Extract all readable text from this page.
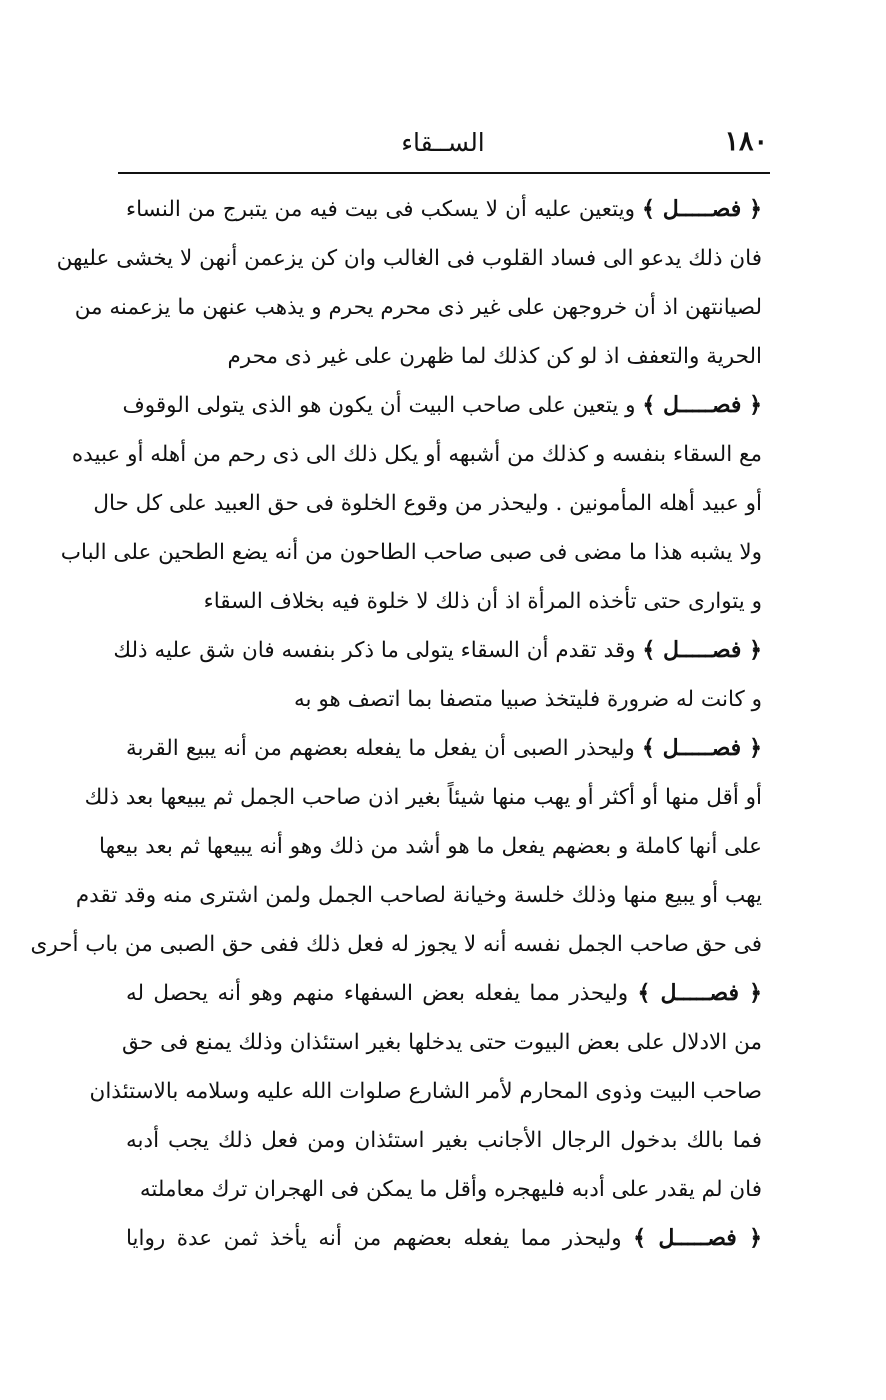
١٨٠
الســقاء
﴿ فصـــــل ﴾ ويتعين عليه أن لا يسكب فى بيت فيه من يتبرج من النساء
فان ذلك يدعو الى فساد القلوب فى الغالب وان كن يزعمن أنهن لا يخشى عليهن
لصيانتهن اذ أن خروجهن على غير ذى محرم يحرم و يذهب عنهن ما يزعمنه من
الحرية والتعفف اذ لو كن كذلك لما ظهرن على غير ذى محرم
﴿ فصـــــل ﴾ و يتعين على صاحب البيت أن يكون هو الذى يتولى الوقوف
مع السقاء بنفسه و كذلك من أشبهه أو يكل ذلك الى ذى رحم من أهله أو عبيده
أو عبيد أهله المأمونين . وليحذر من وقوع الخلوة فى حق العبيد على كل حال
ولا يشبه هذا ما مضى فى صبى صاحب الطاحون من أنه يضع الطحين على الباب
و يتوارى حتى تأخذه المرأة اذ أن ذلك لا خلوة فيه بخلاف السقاء
﴿ فصـــــل ﴾ وقد تقدم أن السقاء يتولى ما ذكر بنفسه فان شق عليه ذلك
و كانت له ضرورة فليتخذ صبيا متصفا بما اتصف هو به
﴿ فصـــــل ﴾ وليحذر الصبى أن يفعل ما يفعله بعضهم من أنه يبيع القربة
أو أقل منها أو أكثر أو يهب منها شيئاً بغير اذن صاحب الجمل ثم يبيعها بعد ذلك
على أنها كاملة و بعضهم يفعل ما هو أشد من ذلك وهو أنه يبيعها ثم بعد بيعها
يهب أو يبيع منها وذلك خلسة وخيانة لصاحب الجمل ولمن اشترى منه وقد تقدم
فى حق صاحب الجمل نفسه أنه لا يجوز له فعل ذلك ففى حق الصبى من باب أحرى
﴿ فصـــــل ﴾ وليحذر مما يفعله بعض السفهاء منهم وهو أنه يحصل له
من الادلال على بعض البيوت حتى يدخلها بغير استئذان وذلك يمنع فى حق
صاحب البيت وذوى المحارم لأمر الشارع صلوات الله عليه وسلامه بالاستئذان
فما بالك بدخول الرجال الأجانب بغير استئذان ومن فعل ذلك يجب أدبه
فان لم يقدر على أدبه فليهجره وأقل ما يمكن فى الهجران ترك معاملته
﴿ فصـــــل ﴾ وليحذر مما يفعله بعضهم من أنه يأخذ ثمن عدة روايا
